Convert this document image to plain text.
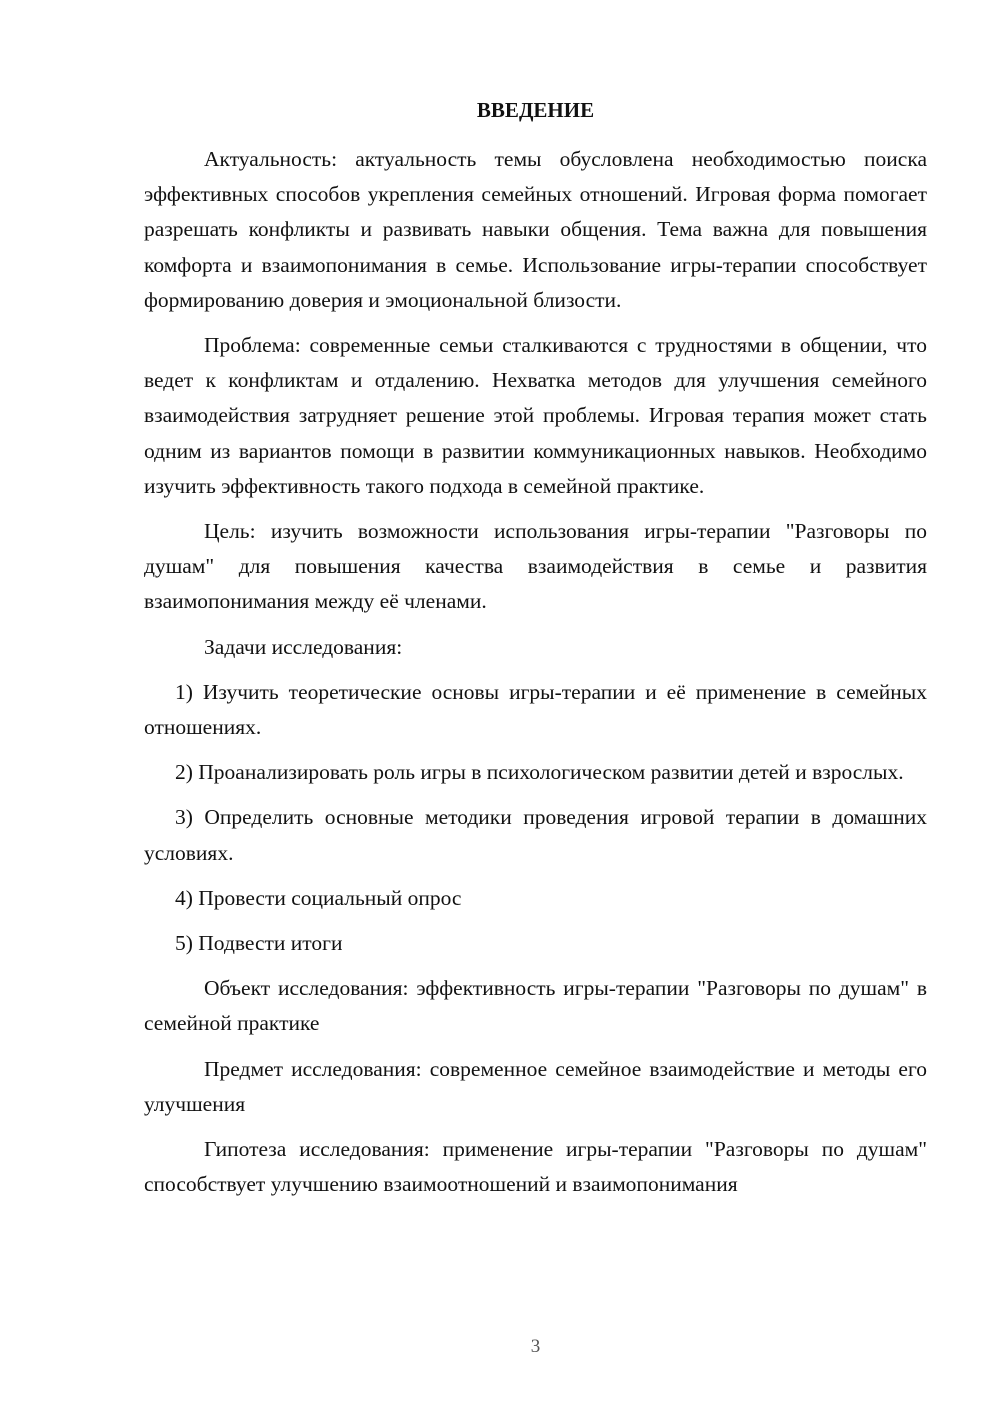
ВВЕДЕНИЕ

Актуальность: актуальность темы обусловлена необходимостью поиска эффективных способов укрепления семейных отношений. Игровая форма помогает разрешать конфликты и развивать навыки общения. Тема важна для повышения комфорта и взаимопонимания в семье. Использование игры-терапии способствует формированию доверия и эмоциональной близости.

Проблема: современные семьи сталкиваются с трудностями в общении, что ведет к конфликтам и отдалению. Нехватка методов для улучшения семейного взаимодействия затрудняет решение этой проблемы. Игровая терапия может стать одним из вариантов помощи в развитии коммуникационных навыков. Необходимо изучить эффективность такого подхода в семейной практике.

Цель: изучить возможности использования игры-терапии "Разговоры по душам" для повышения качества взаимодействия в семье и развития взаимопонимания между её членами.

Задачи исследования:

1) Изучить теоретические основы игры-терапии и её применение в семейных отношениях.

2) Проанализировать роль игры в психологическом развитии детей и взрослых.

3) Определить основные методики проведения игровой терапии в домашних условиях.

4) Провести социальный опрос

5) Подвести итоги

Объект исследования: эффективность игры-терапии "Разговоры по душам" в семейной практике

Предмет исследования: современное семейное взаимодействие и методы его улучшения

Гипотеза исследования: применение игры-терапии "Разговоры по душам" способствует улучшению взаимоотношений и взаимопонимания

3
